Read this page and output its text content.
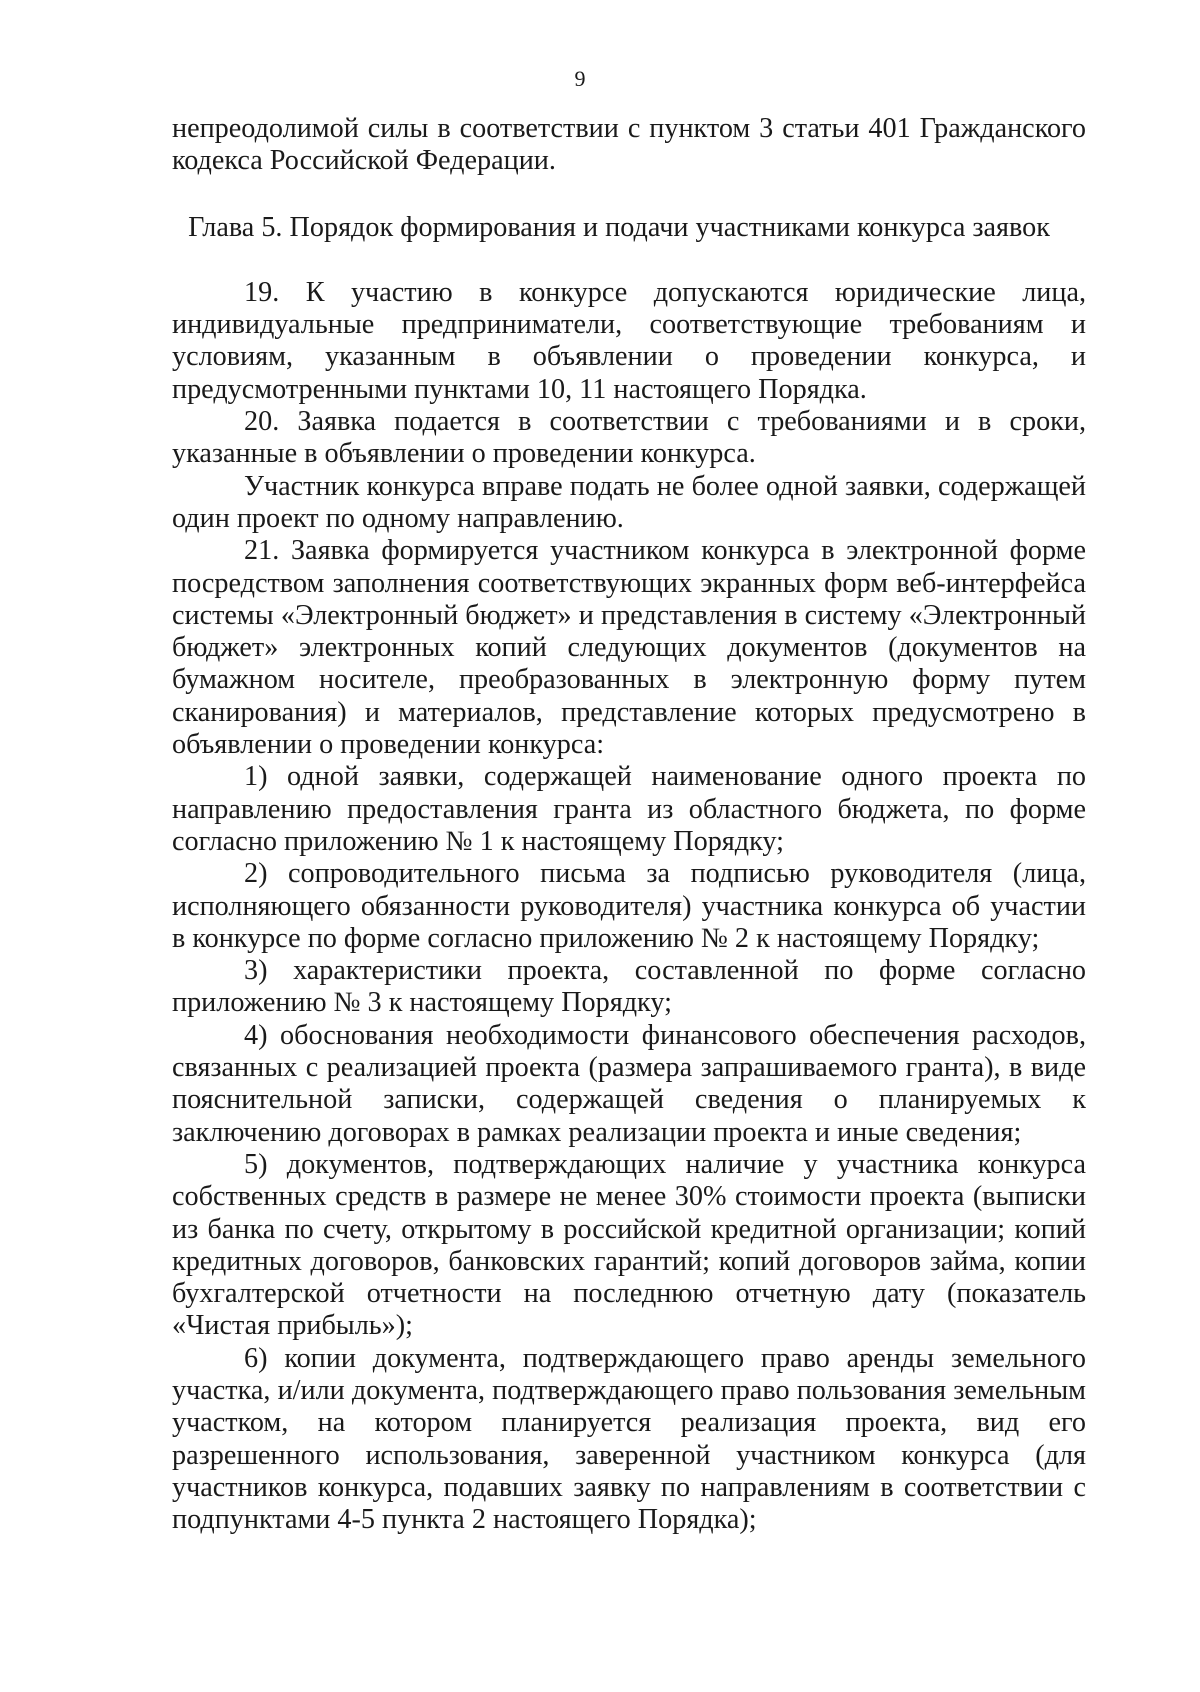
9

непреодолимой силы в соответствии с пунктом 3 статьи 401 Гражданского кодекса Российской Федерации.

Глава 5. Порядок формирования и подачи участниками конкурса заявок

19. К участию в конкурсе допускаются юридические лица, индивидуальные предприниматели, соответствующие требованиям и условиям, указанным в объявлении о проведении конкурса, и предусмотренными пунктами 10, 11 настоящего Порядка.

20. Заявка подается в соответствии с требованиями и в сроки, указанные в объявлении о проведении конкурса.

Участник конкурса вправе подать не более одной заявки, содержащей один проект по одному направлению.

21. Заявка формируется участником конкурса в электронной форме посредством заполнения соответствующих экранных форм веб-интерфейса системы «Электронный бюджет» и представления в систему «Электронный бюджет» электронных копий следующих документов (документов на бумажном носителе, преобразованных в электронную форму путем сканирования) и материалов, представление которых предусмотрено в объявлении о проведении конкурса:

1) одной заявки, содержащей наименование одного проекта по направлению предоставления гранта из областного бюджета, по форме согласно приложению № 1 к настоящему Порядку;

2) сопроводительного письма за подписью руководителя (лица, исполняющего обязанности руководителя) участника конкурса об участии в конкурсе по форме согласно приложению № 2 к настоящему Порядку;

3) характеристики проекта, составленной по форме согласно приложению № 3 к настоящему Порядку;

4) обоснования необходимости финансового обеспечения расходов, связанных с реализацией проекта (размера запрашиваемого гранта), в виде пояснительной записки, содержащей сведения о планируемых к заключению договорах в рамках реализации проекта и иные сведения;

5) документов, подтверждающих наличие у участника конкурса собственных средств в размере не менее 30% стоимости проекта (выписки из банка по счету, открытому в российской кредитной организации; копий кредитных договоров, банковских гарантий; копий договоров займа, копии бухгалтерской отчетности на последнюю отчетную дату (показатель «Чистая прибыль»);

6) копии документа, подтверждающего право аренды земельного участка, и/или документа, подтверждающего право пользования земельным участком, на котором планируется реализация проекта, вид его разрешенного использования, заверенной участником конкурса (для участников конкурса, подавших заявку по направлениям в соответствии с подпунктами 4-5 пункта 2 настоящего Порядка);
